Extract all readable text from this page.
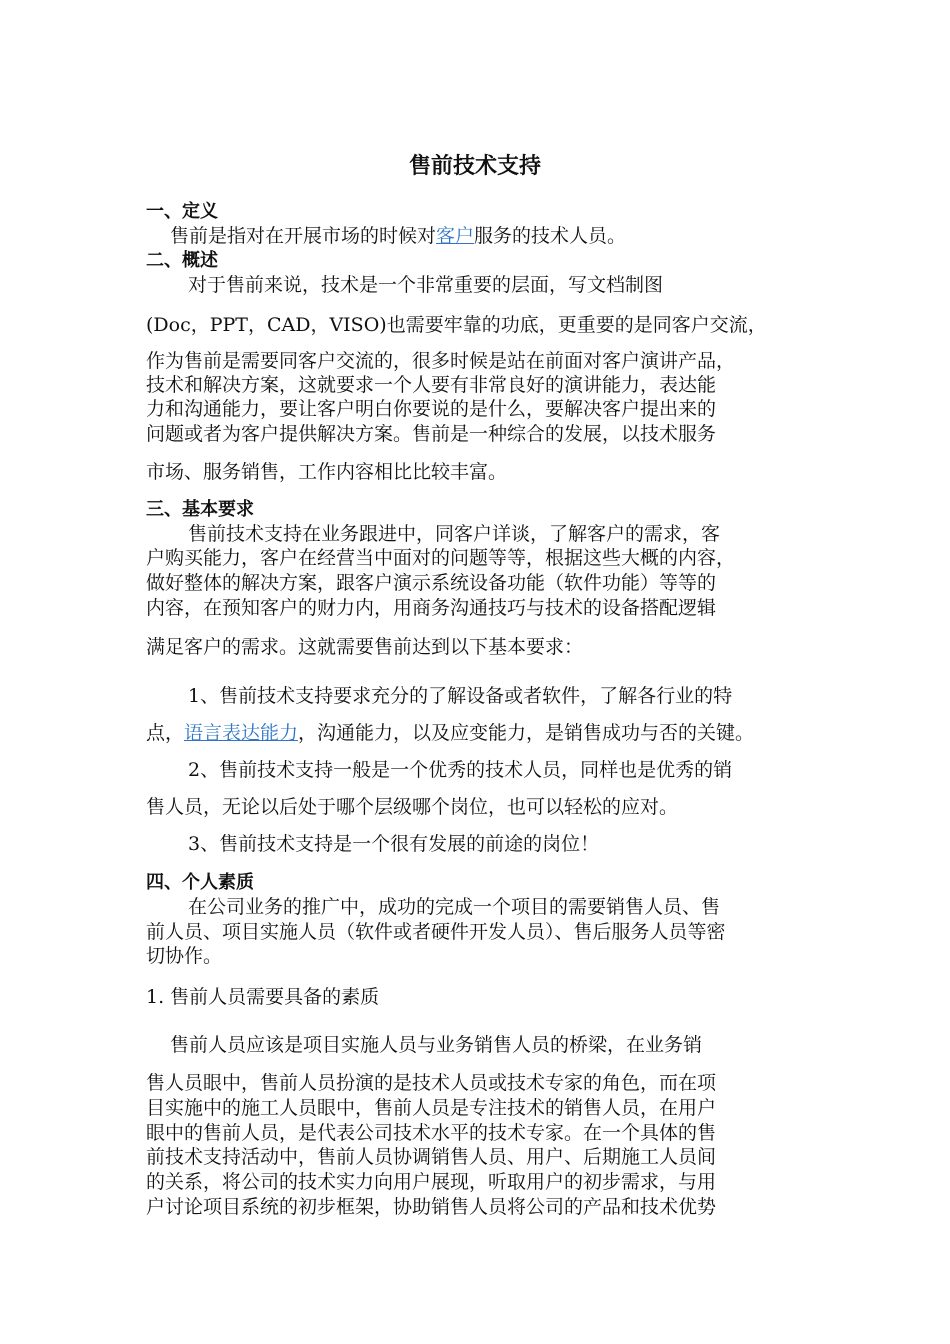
售前技术支持
一、定义
售前是指对在开展市场的时候对客户服务的技术人员。
二、概述
对于售前来说，技术是一个非常重要的层面，写文档制图
(Doc，PPT，CAD，VISO)也需要牢靠的功底，更重要的是同客户交流，
作为售前是需要同客户交流的，很多时候是站在前面对客户演讲产品，
技术和解决方案，这就要求一个人要有非常良好的演讲能力，表达能
力和沟通能力，要让客户明白你要说的是什么，要解决客户提出来的
问题或者为客户提供解决方案。售前是一种综合的发展，以技术服务
市场、服务销售，工作内容相比比较丰富。
三、基本要求
售前技术支持在业务跟进中，同客户详谈，了解客户的需求，客
户购买能力，客户在经营当中面对的问题等等，根据这些大概的内容，
做好整体的解决方案，跟客户演示系统设备功能（软件功能）等等的
内容，在预知客户的财力内，用商务沟通技巧与技术的设备搭配逻辑
满足客户的需求。这就需要售前达到以下基本要求：
1、售前技术支持要求充分的了解设备或者软件，了解各行业的特
点，语言表达能力，沟通能力，以及应变能力，是销售成功与否的关键。
2、售前技术支持一般是一个优秀的技术人员，同样也是优秀的销
售人员，无论以后处于哪个层级哪个岗位，也可以轻松的应对。
3、售前技术支持是一个很有发展的前途的岗位！
四、个人素质
在公司业务的推广中，成功的完成一个项目的需要销售人员、售
前人员、项目实施人员（软件或者硬件开发人员）、售后服务人员等密
切协作。
1. 售前人员需要具备的素质
售前人员应该是项目实施人员与业务销售人员的桥梁，在业务销
售人员眼中，售前人员扮演的是技术人员或技术专家的角色，而在项
目实施中的施工人员眼中，售前人员是专注技术的销售人员，在用户
眼中的售前人员，是代表公司技术水平的技术专家。在一个具体的售
前技术支持活动中，售前人员协调销售人员、用户、后期施工人员间
的关系，将公司的技术实力向用户展现，听取用户的初步需求，与用
户讨论项目系统的初步框架，协助销售人员将公司的产品和技术优势
